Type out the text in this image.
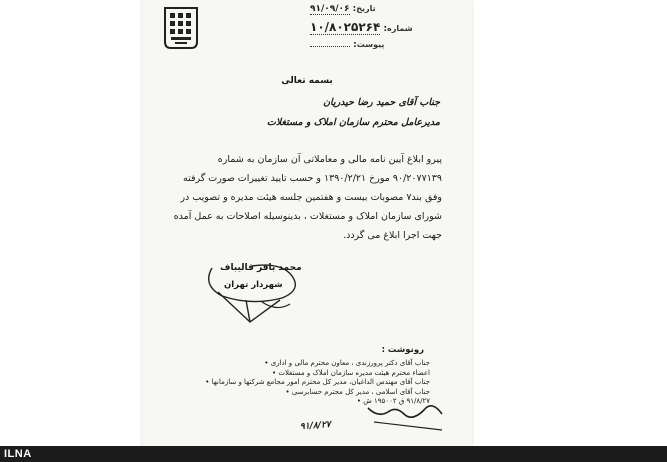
تاریخ: ۹۱/۰۹/۰۶
شماره: ۱۰/۸۰۲۵۲۶۴
پیوست:
بسمه تعالی
جناب آقای حمید رضا حیدریان
مدیرعامل محترم سازمان املاک و مستغلات
پیرو ابلاغ آیین نامه مالی و معاملاتی آن سازمان به شماره
۹۰/۲۰۷۷۱۳۹ مورخ ۱۳۹۰/۲/۲۱ و حسب تایید تغییرات صورت گرفته
وفق بند۷ مصوبات بیست و هفتمین جلسه هیئت مدیره و تصویب در
شورای سازمان املاک و مستغلات ، بدینوسیله اصلاحات به عمل آمده
جهت اجرا ابلاغ می گردد.
محمد باقر قالیباف
شهردار تهران
رونوشت :
جناب آقای دکتر پرورزندی ، معاون محترم مالی و اداری •
اعضاء محترم هیئت مدیره سازمان املاک و مستغلات •
جناب آقای مهندس الداغیان، مدیر کل محترم امور مجامع شرکتها و سازمانها •
جناب آقای اسلامی ، مدیر کل محترم حسابرسی •
۹۱/۸/۲۷ ق ۱۹۵۰۰۲ ش •
۹۱/۸/۲۷
ILNA
